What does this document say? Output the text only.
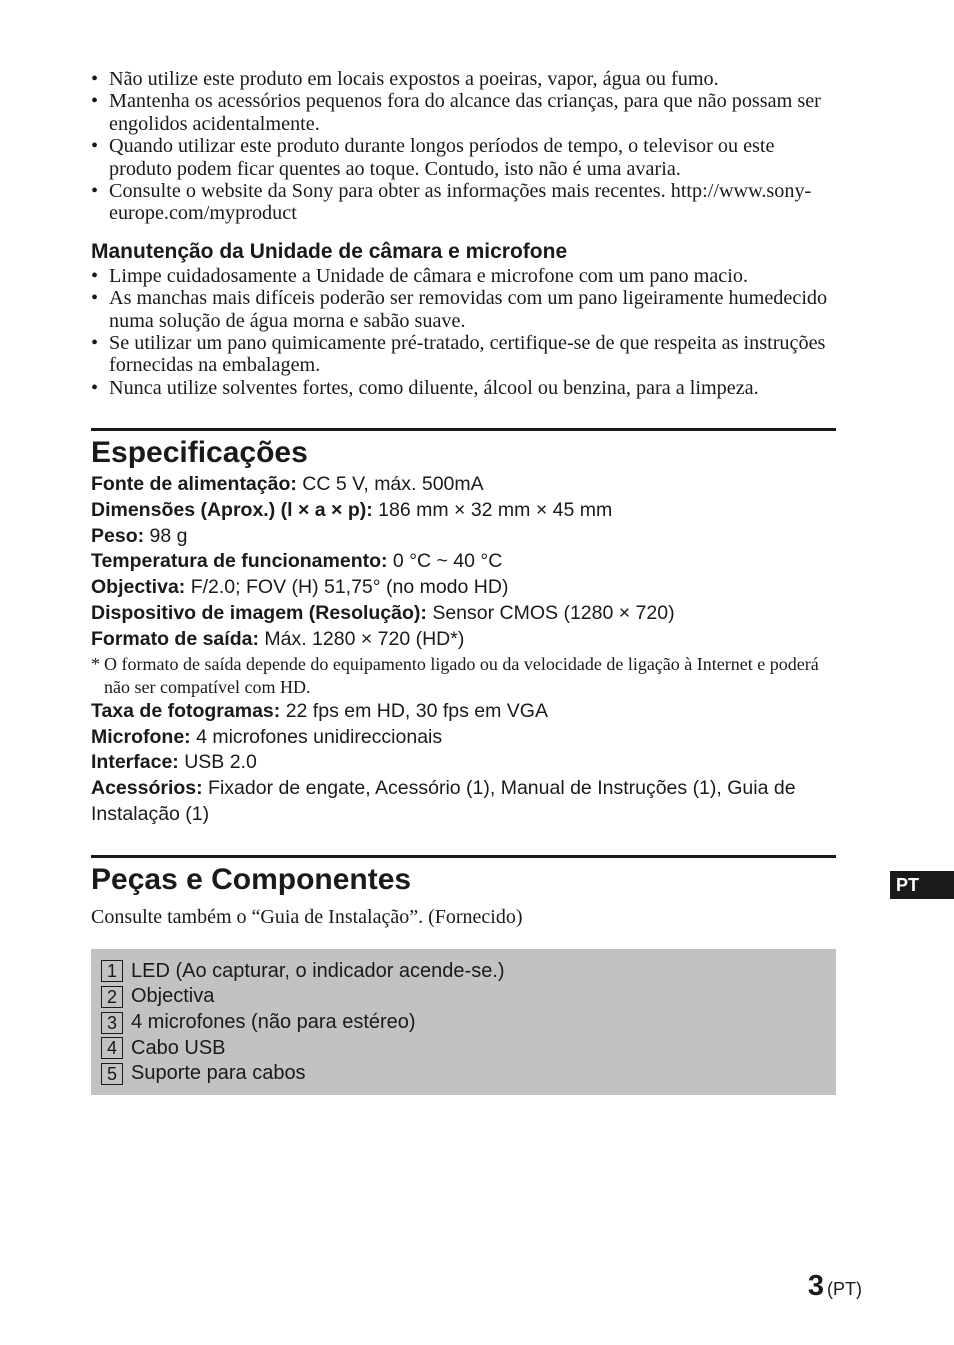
• Não utilize este produto em locais expostos a poeiras, vapor, água ou fumo.
• Mantenha os acessórios pequenos fora do alcance das crianças, para que não possam ser engolidos acidentalmente.
• Quando utilizar este produto durante longos períodos de tempo, o televisor ou este produto podem ficar quentes ao toque. Contudo, isto não é uma avaria.
• Consulte o website da Sony para obter as informações mais recentes. http://www.sony-europe.com/myproduct
Manutenção da Unidade de câmara e microfone
• Limpe cuidadosamente a Unidade de câmara e microfone com um pano macio.
• As manchas mais difíceis poderão ser removidas com um pano ligeiramente humedecido numa solução de água morna e sabão suave.
• Se utilizar um pano quimicamente pré-tratado, certifique-se de que respeita as instruções fornecidas na embalagem.
• Nunca utilize solventes fortes, como diluente, álcool ou benzina, para a limpeza.
Especificações
Fonte de alimentação: CC 5 V, máx. 500mA
Dimensões (Aprox.) (l × a × p): 186 mm × 32 mm × 45 mm
Peso: 98 g
Temperatura de funcionamento: 0 °C ~ 40 °C
Objectiva: F/2.0; FOV (H) 51,75° (no modo HD)
Dispositivo de imagem (Resolução): Sensor CMOS (1280 × 720)
Formato de saída: Máx. 1280 × 720 (HD*)
* O formato de saída depende do equipamento ligado ou da velocidade de ligação à Internet e poderá não ser compatível com HD.
Taxa de fotogramas: 22 fps em HD, 30 fps em VGA
Microfone: 4 microfones unidireccionais
Interface: USB 2.0
Acessórios: Fixador de engate, Acessório (1), Manual de Instruções (1), Guia de Instalação (1)
Peças e Componentes
Consulte também o “Guia de Instalação”. (Fornecido)
1 LED (Ao capturar, o indicador acende-se.)
2 Objectiva
3 4 microfones (não para estéreo)
4 Cabo USB
5 Suporte para cabos
PT
3 (PT)
